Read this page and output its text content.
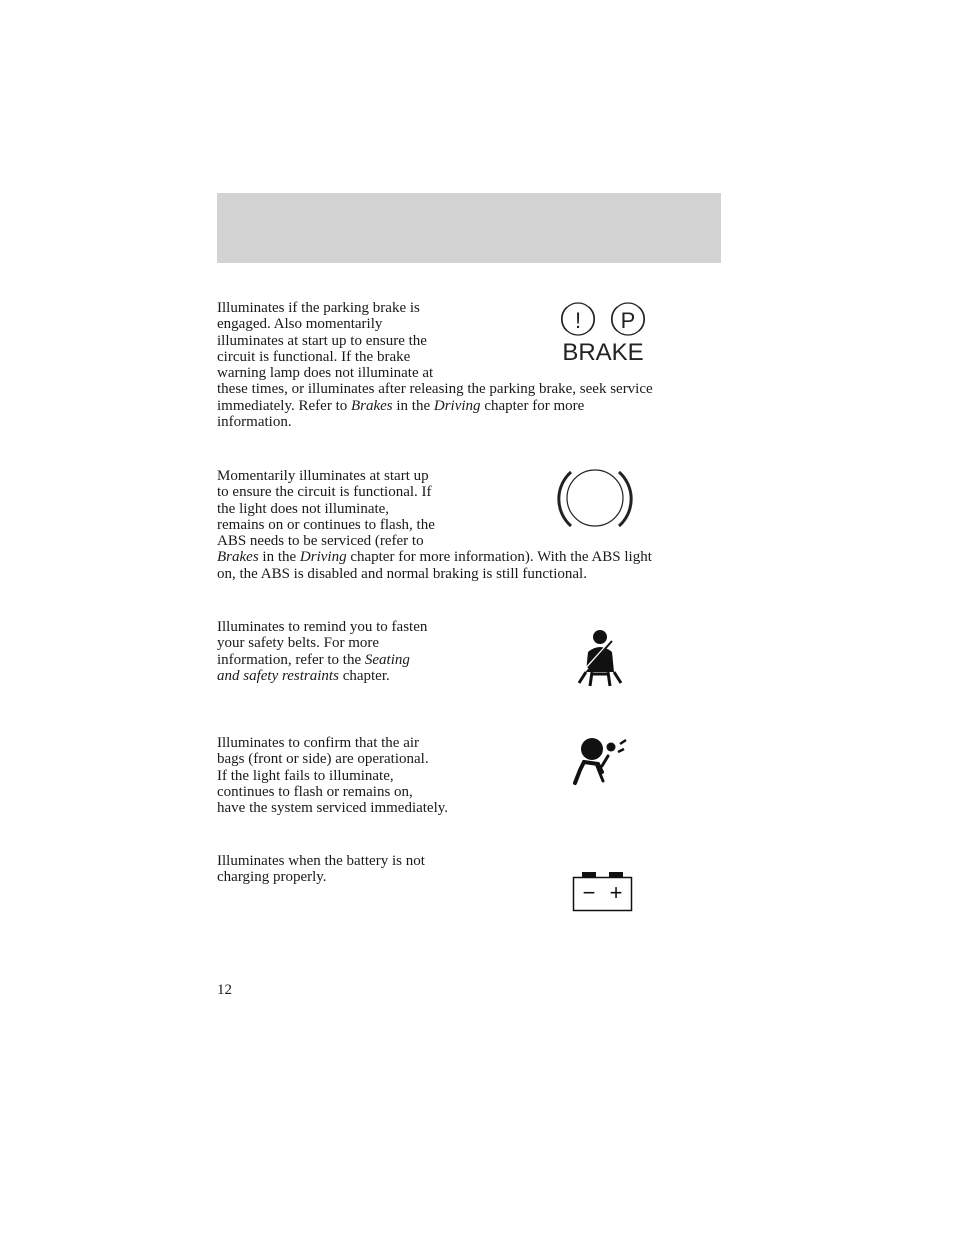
Illuminates if the parking brake is

engaged. Also momentarily

illuminates at start up to ensure the

circuit is functional. If the brake

warning lamp does not illuminate at

these times, or illuminates after releasing the parking brake, seek service

immediately. Refer to Brakes in the Driving chapter for more

information.

! P
BRAKE

Momentarily illuminates at start up

to ensure the circuit is functional. If

the light does not illuminate,

remains on or continues to flash, the

ABS needs to be serviced (refer to

Brakes in the Driving chapter for more information). With the ABS light

on, the ABS is disabled and normal braking is still functional.

Illuminates to remind you to fasten

your safety belts. For more

information, refer to the Seating

and safety restraints chapter.

Illuminates to confirm that the air

bags (front or side) are operational.

If the light fails to illuminate,

continues to flash or remains on,

have the system serviced immediately.

Illuminates when the battery is not

charging properly.

− +
12
